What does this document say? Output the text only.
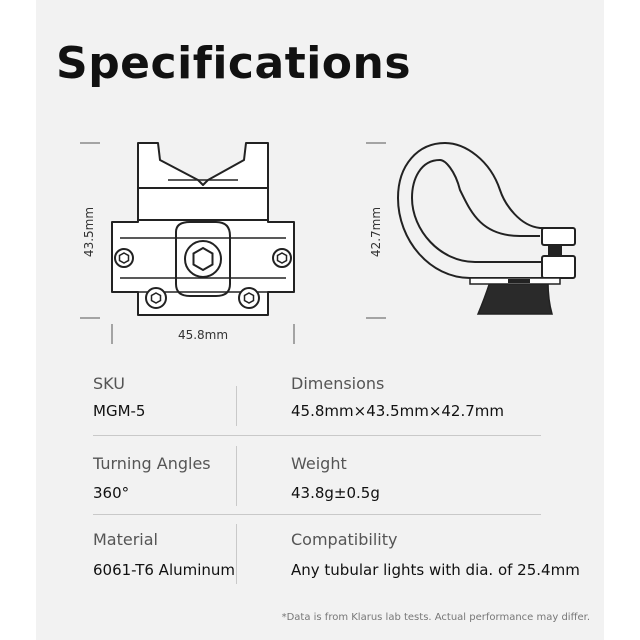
Specifications
43.5mm
45.8mm
42.7mm
SKU
MGM-5
Dimensions
45.8mm×43.5mm×42.7mm
Turning Angles
360°
Weight
43.8g±0.5g
Material
6061-T6 Aluminum
Compatibility
Any tubular lights with dia. of 25.4mm
*Data is from Klarus lab tests. Actual performance may differ.
